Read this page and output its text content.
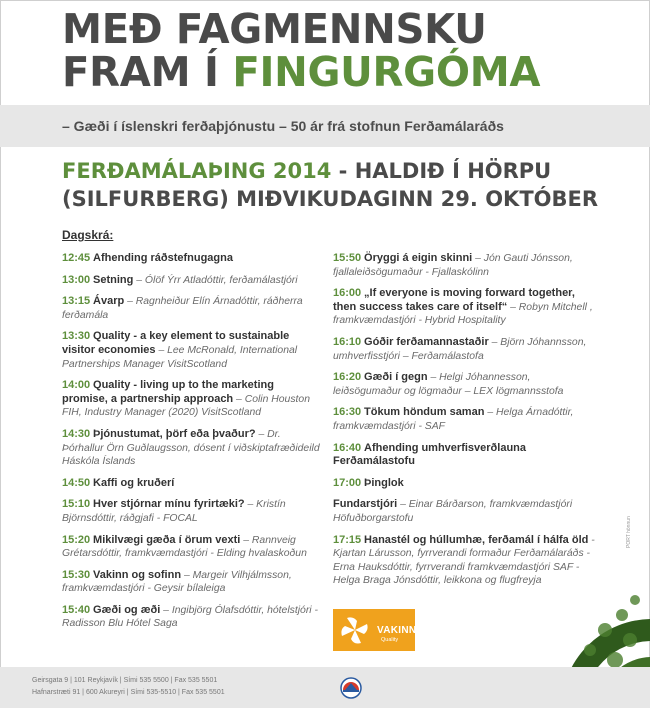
MEÐ FAGMENNSKU
FRAM Í FINGURGÓMA
– Gæði í íslenskri ferðaþjónustu – 50 ár frá stofnun Ferðamálaráðs
FERÐAMÁLAÞING 2014 - HALDIÐ Í HÖRPU (SILFURBERG) MIÐVIKUDAGINN 29. OKTÓBER
Dagskrá:
12:45 Afhending ráðstefnugagna
13:00 Setning – Ólöf Ýrr Atladóttir, ferðamálastjóri
13:15 Ávarp – Ragnheiður Elín Árnadóttir, ráðherra ferðamála
13:30 Quality - a key element to sustainable visitor economies – Lee McRonald, International Partnerships Manager VisitScotland
14:00 Quality - living up to the marketing promise, a partnership approach – Colin Houston FIH, Industry Manager (2020) VisitScotland
14:30 Þjónustumat, þörf eða þvaður? – Dr. Þórhallur Örn Guðlaugsson, dósent í viðskiptafræðideild Háskóla Íslands
14:50 Kaffi og kruðerí
15:10 Hver stjórnar mínu fyrirtæki? – Kristín Björnsdóttir, ráðgjafi - FOCAL
15:20 Mikilvægi gæða í örum vexti – Rannveig Grétarsdóttir, framkvæmdastjóri - Elding hvalaskoðun
15:30 Vakinn og sofinn – Margeir Vilhjálmsson, framkvæmdastjóri - Geysir bílaleiga
15:40 Gæði og æði – Ingibjörg Ólafsdóttir, hótelstjóri - Radisson Blu Hótel Saga
15:50 Öryggi á eigin skinni – Jón Gauti Jónsson, fjallaleiðsögumaður - Fjallaskólinn
16:00 „If everyone is moving forward together, then success takes care of itself“ – Robyn Mitchell , framkvæmdastjóri - Hybrid Hospitality
16:10 Góðir ferðamannastaðir – Björn Jóhannsson, umhverfisstjóri – Ferðamálastofa
16:20 Gæði í gegn – Helgi Jóhannesson, leiðsögumaður og lögmaður – LEX lögmannsstofa
16:30 Tökum höndum saman – Helga Árnadóttir, framkvæmdastjóri - SAF
16:40 Afhending umhverfisverðlauna Ferðamálastofu
17:00 Þinglok
Fundarstjóri – Einar Bárðarson, framkvæmdastjóri Höfuðborgarstofu
17:15 Hanastél og húllumhæ, ferðamál í hálfa öld - Kjartan Lárusson, fyrrverandi formaður Ferðamálaráðs - Erna Hauksdóttir, fyrrverandi framkvæmdastjóri SAF - Helga Braga Jónsdóttir, leikkona og flugfreyja
VAKINN
Quality
PORT hönnun
Geirsgata 9 | 101 Reykjavík | Sími 535 5500 | Fax 535 5501
Hafnarstræti 91 | 600 Akureyri | Sími 535-5510 | Fax 535 5501
